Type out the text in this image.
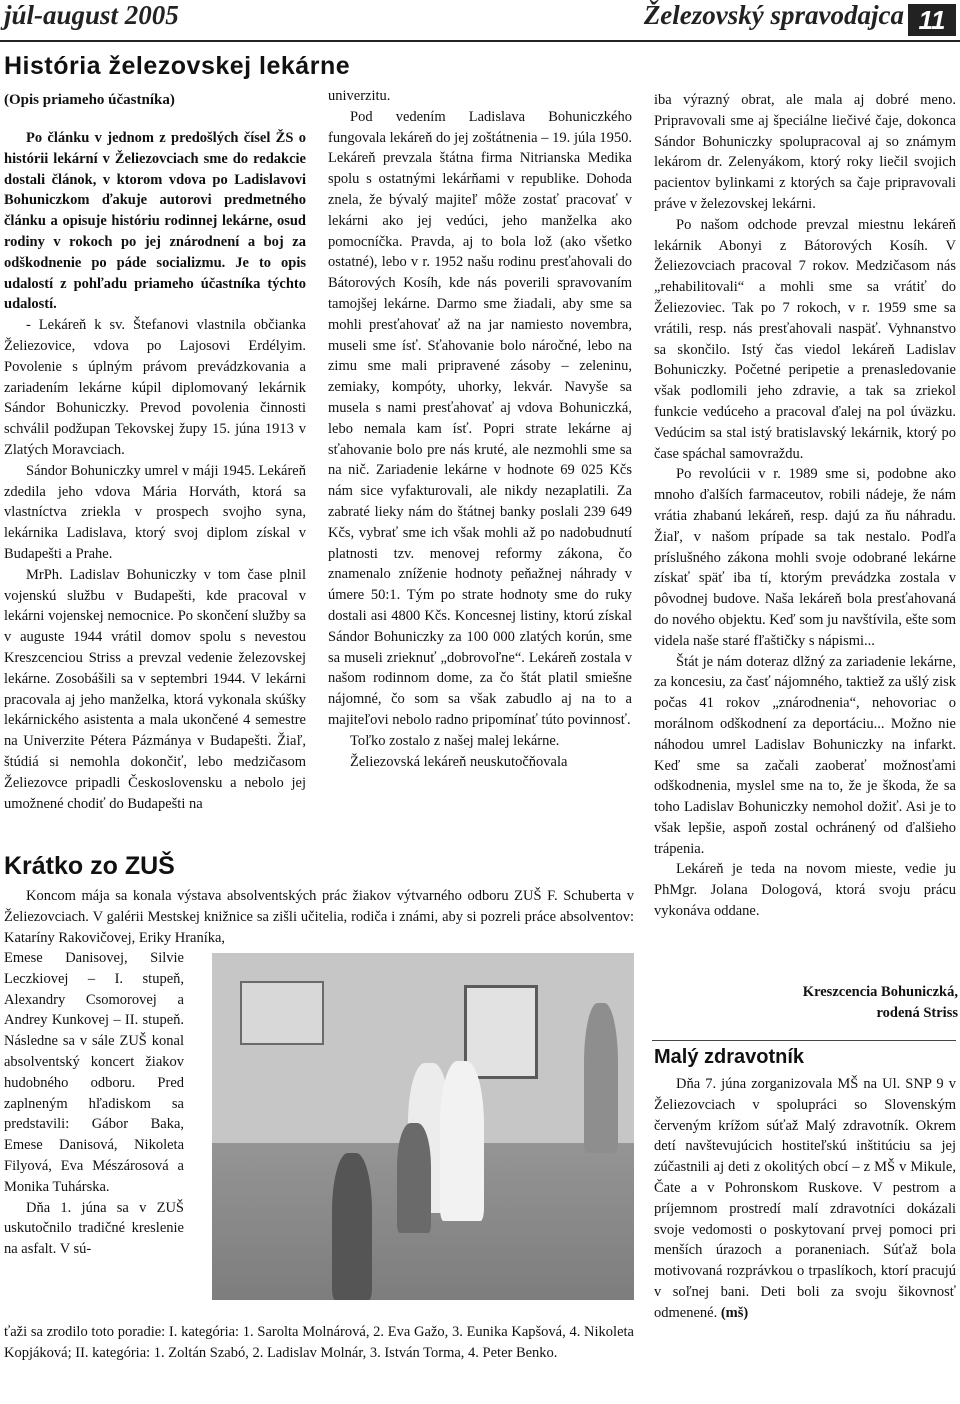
júl-august 2005	Železovský spravodajca 11
História železovskej lekárne
(Opis priameho účastníka)

Po článku v jednom z predošlých čísel ŽS o histórii lekární v Želiezovciach sme do redakcie dostali článok, v ktorom vdova po Ladislavovi Bohuniczkom ďakuje autorovi predmetného článku a opisuje históriu rodinnej lekárne, osud rodiny v rokoch po jej znárodnení a boj za odškodnenie po páde socializmu. Je to opis udalostí z pohľadu priameho účastníka týchto udalostí.

- Lekáreň k sv. Štefanovi vlastnila občianka Želiezovice, vdova po Lajosovi Erdélyim. Povolenie s úplným právom prevádzkovania a zariadením lekárne kúpil diplomovaný lekárnik Sándor Bohuniczky. Prevod povolenia činnosti schválil podžupan Tekovskej župy 15. júna 1913 v Zlatých Moravciach.

Sándor Bohuniczky umrel v máji 1945. Lekáreň zdedila jeho vdova Mária Horváth, ktorá sa vlastníctva zriekla v prospech svojho syna, lekárnika Ladislava, ktorý svoj diplom získal v Budapešti a Prahe.

MrPh. Ladislav Bohuniczky v tom čase plnil vojenskú službu v Budapešti, kde pracoval v lekárni vojenskej nemocnice. Po skončení služby sa v auguste 1944 vrátil domov spolu s nevestou Kreszcenciou Striss a prevzal vedenie železovskej lekárne. Zosobášili sa v septembri 1944. V lekárni pracovala aj jeho manželka, ktorá vykonala skúšky lekárnického asistenta a mala ukončené 4 semestre na Univerzite Pétera Pázmánya v Budapešti. Žiaľ, štúdiá si nemohla dokončiť, lebo medzičasom Želiezovce pripadli Československu a nebolo jej umožnené chodiť do Budapešti na

univerzitu.

Pod vedením Ladislava Bohuniczkého fungovala lekáreň do jej zoštátnenia – 19. júla 1950. Lekáreň prevzala štátna firma Nitrianska Medika spolu s ostatnými lekárňami v republike. Dohoda znela, že bývalý majiteľ môže zostať pracovať v lekárni ako jej vedúci, jeho manželka ako pomocníčka. Pravda, aj to bola lož (ako všetko ostatné), lebo v r. 1952 našu rodinu presťahovali do Bátorových Kosíh, kde nás poverili spravovaním tamojšej lekárne. Darmo sme žiadali, aby sme sa mohli presťahovať až na jar namiesto novembra, museli sme ísť. Sťahovanie bolo náročné, lebo na zimu sme mali pripravené zásoby – zeleninu, zemiaky, kompóty, uhorky, lekvár. Navyše sa musela s nami presťahovať aj vdova Bohuniczká, lebo nemala kam ísť. Popri strate lekárne aj sťahovanie bolo pre nás kruté, ale nezmohli sme sa na nič. Zariadenie lekárne v hodnote 69 025 Kčs nám sice vyfakturovali, ale nikdy nezaplatili. Za zabraté lieky nám do štátnej banky poslali 239 649 Kčs, vybrať sme ich však mohli až po nadobudnutí platnosti tzv. menovej reformy zákona, čo znamenalo zníženie hodnoty peňažnej náhrady v úmere 50:1. Tým po strate hodnoty sme do ruky dostali asi 4800 Kčs. Koncesnej listiny, ktorú získal Sándor Bohuniczky za 100 000 zlatých korún, sme sa museli zrieknuť „dobrovoľne“. Lekáreň zostala v našom rodinnom dome, za čo štát platil smiešne nájomné, čo som sa však zabudlo aj na to a majiteľovi nebolo radno pripomínať túto povinnosť.

Toľko zostalo z našej malej lekárne.

Želiezovská lekáreň neuskutočňovala

iba výrazný obrat, ale mala aj dobré meno. Pripravovali sme aj špeciálne liečivé čaje, dokonca Sándor Bohuniczky spolupracoval aj so známym lekárom dr. Zelenyákom, ktorý roky liečil svojich pacientov bylinkami z ktorých sa čaje pripravovali práve v železovskej lekárni.

Po našom odchode prevzal miestnu lekáreň lekárnik Abonyi z Bátorových Kosíh. V Želiezovciach pracoval 7 rokov. Medzičasom nás „rehabilitovali“ a mohli sme sa vrátiť do Želiezoviec. Tak po 7 rokoch, v r. 1959 sme sa vrátili, resp. nás presťahovali naspäť. Vyhnanstvo sa skončilo. Istý čas viedol lekáreň Ladislav Bohuniczky. Početné peripetie a prenasledovanie však podlomili jeho zdravie, a tak sa zriekol funkcie vedúceho a pracoval ďalej na pol úväzku. Vedúcim sa stal istý bratislavský lekárnik, ktorý po čase spáchal samovraždu.

Po revolúcii v r. 1989 sme si, podobne ako mnoho ďalších farmaceutov, robili nádeje, že nám vrátia zhabanú lekáreň, resp. dajú za ňu náhradu. Žiaľ, v našom prípade sa tak nestalo. Podľa príslušného zákona mohli svoje odobrané lekárne získať späť iba tí, ktorým prevádzka zostala v pôvodnej budove. Naša lekáreň bola presťahovaná do nového objektu. Keď som ju navštívila, ešte som videla naše staré fľaštičky s nápismi...

Štát je nám doteraz dlžný za zariadenie lekárne, za koncesiu, za časť nájomného, taktiež za ušlý zisk počas 41 rokov „znárodnenia“, nehovoriac o morálnom odškodnení za deportáciu... Možno nie náhodou umrel Ladislav Bohuniczky na infarkt. Keď sme sa začali zaoberať možnosťami odškodnenia, myslel sme na to, že je škoda, že sa toho Ladislav Bohuniczky nemohol dožiť. Asi je to však lepšie, aspoň zostal ochránený od ďalšieho trápenia.

Lekáreň je teda na novom mieste, vedie ju PhMgr. Jolana Dologová, ktorá svoju prácu vykonáva oddane.

Kreszcencia Bohuniczká,
rodená Striss
Krátko zo ZUŠ

Koncom mája sa konala výstava absolventských prác žiakov výtvarného odboru ZUŠ F. Schuberta v Želiezovciach. V galérii Mestskej knižnice sa zišli učitelia, rodiča i známi, aby si pozreli práce absolventov: Kataríny Rakovičovej, Eriky Hraníka,

Emese Danisovej, Silvie Leczkiovej – I. stupeň, Alexandry Csomorovej a Andrey Kunkovej – II. stupeň. Následne sa v sále ZUŠ konal absolventský koncert žiakov hudobného odboru. Pred zaplneným hľadiskom sa predstavili: Gábor Baka, Emese Danisová, Nikoleta Filyová, Eva Mészárosová a Monika Tuhárska.

Dňa 1. júna sa v ZUŠ uskutočnilo tradičné kreslenie na asfalt. V sú-

ťaži sa zrodilo toto poradie: I. kategória: 1. Sarolta Molnárová, 2. Eva Gažo, 3. Eunika Kapšová, 4. Nikoleta Kopjáková; II. kategória: 1. Zoltán Szabó, 2. Ladislav Molnár, 3. István Torma, 4. Peter Benko.

Malý zdravotník

Dňa 7. júna zorganizovala MŠ na Ul. SNP 9 v Želiezovciach v spolupráci so Slovenským červeným krížom súťaž Malý zdravotník. Okrem detí navštevujúcich hostiteľskú inštitúciu sa jej zúčastnili aj deti z okolitých obcí – z MŠ v Mikule, Čate a v Pohronskom Ruskove. V pestrom a príjemnom prostredí malí zdravotníci dokázali svoje vedomosti o poskytovaní prvej pomoci pri menších úrazoch a poraneniach. Súťaž bola motivovaná rozprávkou o trpaslíkoch, ktorí pracujú v soľnej bani. Deti boli za svoju šikovnosť odmenené. (mš)
